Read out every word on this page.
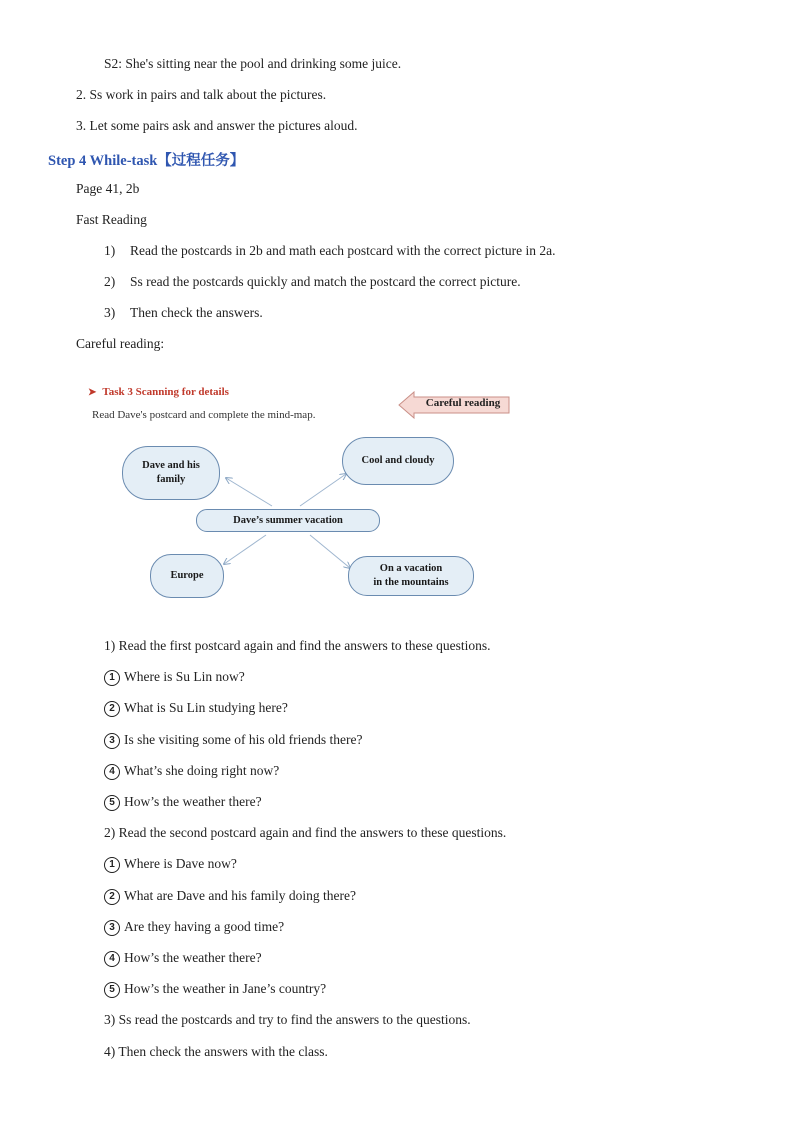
S2: She's sitting near the pool and drinking some juice.
2. Ss work in pairs and talk about the pictures.
3. Let some pairs ask and answer the pictures aloud.
Step 4 While-task【过程任务】
Page 41, 2b
Fast Reading
1) Read the postcards in 2b and math each postcard with the correct picture in 2a.
2) Ss read the postcards quickly and match the postcard the correct picture.
3) Then check the answers.
Careful reading:
➤ Task 3 Scanning for details
Read Dave's postcard and complete the mind-map.
Careful reading
Dave and his
family
Cool and cloudy
Dave’s summer vacation
Europe
On a vacation
in the mountains
1) Read the first postcard again and find the answers to these questions.
1 Where is Su Lin now?
2 What is Su Lin studying here?
3 Is she visiting some of his old friends there?
4 What’s she doing right now?
5 How’s the weather there?
2) Read the second postcard again and find the answers to these questions.
1 Where is Dave now?
2 What are Dave and his family doing there?
3 Are they having a good time?
4 How’s the weather there?
5 How’s the weather in Jane’s country?
3) Ss read the postcards and try to find the answers to the questions.
4) Then check the answers with the class.
